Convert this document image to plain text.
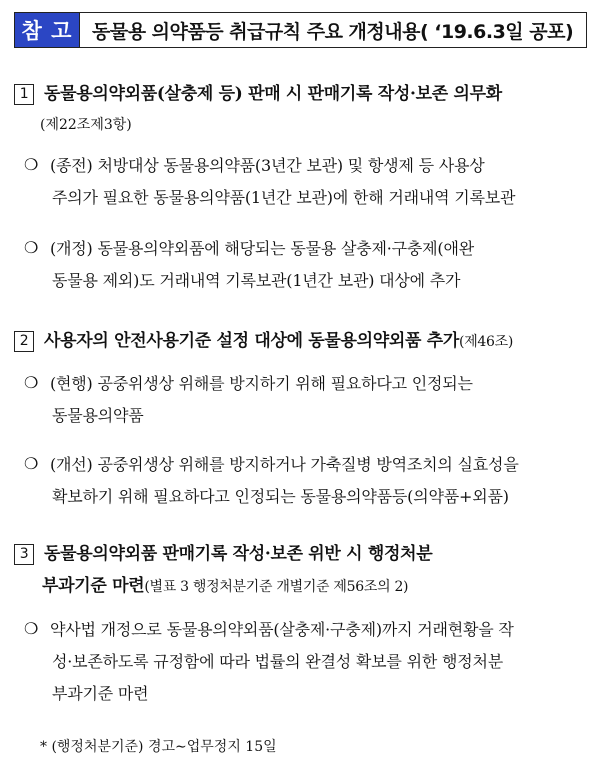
참 고	동물용 의약품등 취급규칙 주요 개정내용( ‘19.6.3일 공포)
1 동물용의약외품(살충제 등) 판매 시 판매기록 작성·보존 의무화
(제22조제3항)
❍ (종전) 처방대상 동물용의약품(3년간 보관) 및 항생제 등 사용상
주의가 필요한 동물용의약품(1년간 보관)에 한해 거래내역 기록보관
❍ (개정) 동물용의약외품에 해당되는 동물용 살충제·구충제(애완
동물용 제외)도 거래내역 기록보관(1년간 보관) 대상에 추가
2 사용자의 안전사용기준 설정 대상에 동물용의약외품 추가(제46조)
❍ (현행) 공중위생상 위해를 방지하기 위해 필요하다고 인정되는
동물용의약품
❍ (개선) 공중위생상 위해를 방지하거나 가축질병 방역조치의 실효성을
확보하기 위해 필요하다고 인정되는 동물용의약품등(의약품+외품)
3 동물용의약외품 판매기록 작성·보존 위반 시 행정처분
부과기준 마련(별표 3 행정처분기준 개별기준 제56조의 2)
❍ 약사법 개정으로 동물용의약외품(살충제·구충제)까지 거래현황을 작
성·보존하도록 규정함에 따라 법률의 완결성 확보를 위한 행정처분
부과기준 마련
* (행정처분기준) 경고∼업무정지 15일
